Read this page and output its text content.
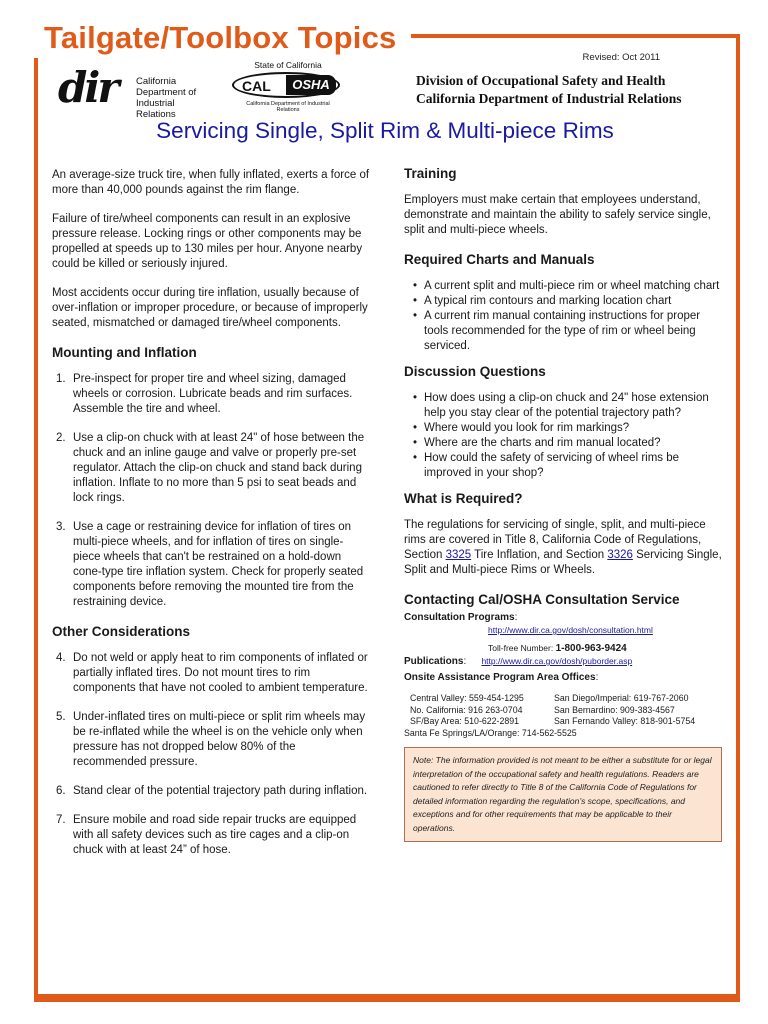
Tailgate/Toolbox Topics
Revised: Oct 2011
dir California
Department of
Industrial Relations
State of California
CAL	OSHA
California Department of Industrial Relations
Division of Occupational Safety and Health
California Department of Industrial Relations
Servicing Single, Split Rim & Multi-piece Rims

An average-size truck tire, when fully inflated, exerts a force of more than 40,000 pounds against the rim flange.

Failure of tire/wheel components can result in an explosive pressure release. Locking rings or other components may be propelled at speeds up to 130 miles per hour. Anyone nearby could be killed or seriously injured.

Most accidents occur during tire inflation, usually because of over-inflation or improper procedure, or because of improperly seated, mismatched or damaged tire/wheel components.

Mounting and Inflation
1. Pre-inspect for proper tire and wheel sizing, damaged wheels or corrosion. Lubricate beads and rim surfaces. Assemble the tire and wheel.
2. Use a clip-on chuck with at least 24" of hose between the chuck and an inline gauge and valve or properly pre-set regulator. Attach the clip-on chuck and stand back during inflation. Inflate to no more than 5 psi to seat beads and lock rings.
3. Use a cage or restraining device for inflation of tires on multi-piece wheels, and for inflation of tires on single-piece wheels that can't be restrained on a hold-down cone-type tire inflation system. Check for properly seated components before removing the mounted tire from the restraining device.
Other Considerations
4. Do not weld or apply heat to rim components of inflated or partially inflated tires. Do not mount tires to rim components that have not cooled to ambient temperature.
5. Under-inflated tires on multi-piece or split rim wheels may be re-inflated while the wheel is on the vehicle only when pressure has not dropped below 80% of the recommended pressure.
6. Stand clear of the potential trajectory path during inflation.
7. Ensure mobile and road side repair trucks are equipped with all safety devices such as tire cages and a clip-on chuck with at least 24” of hose.
Training

Employers must make certain that employees understand, demonstrate and maintain the ability to safely service single, split and multi-piece wheels.

Required Charts and Manuals
• A current split and multi-piece rim or wheel matching chart
• A typical rim contours and marking location chart
• A current rim manual containing instructions for proper tools recommended for the type of rim or wheel being serviced.
Discussion Questions
• How does using a clip-on chuck and 24" hose extension help you stay clear of the potential trajectory path?
• Where would you look for rim markings?
• Where are the charts and rim manual located?
• How could the safety of servicing of wheel rims be improved in your shop?
What is Required?

The regulations for servicing of single, split, and multi-piece rims are covered in Title 8, California Code of Regulations, Section 3325 Tire Inflation, and Section 3326 Servicing Single, Split and Multi-piece Rims or Wheels.

Contacting Cal/OSHA Consultation Service
Consultation Programs:
http://www.dir.ca.gov/dosh/consultation.html
Toll-free Number: 1-800-963-9424
Publications: http://www.dir.ca.gov/dosh/puborder.asp
Onsite Assistance Program Area Offices:
Central Valley: 559-454-1295	San Diego/Imperial: 619-767-2060
No. California: 916 263-0704	San Bernardino: 909-383-4567
SF/Bay Area: 510-622-2891	San Fernando Valley: 818-901-5754
Santa Fe Springs/LA/Orange: 714-562-5525
Note: The information provided is not meant to be either a substitute for or legal interpretation of the occupational safety and health regulations. Readers are cautioned to refer directly to Title 8 of the California Code of Regulations for detailed information regarding the regulation’s scope, specifications, and exceptions and for other requirements that may be applicable to their operations.
